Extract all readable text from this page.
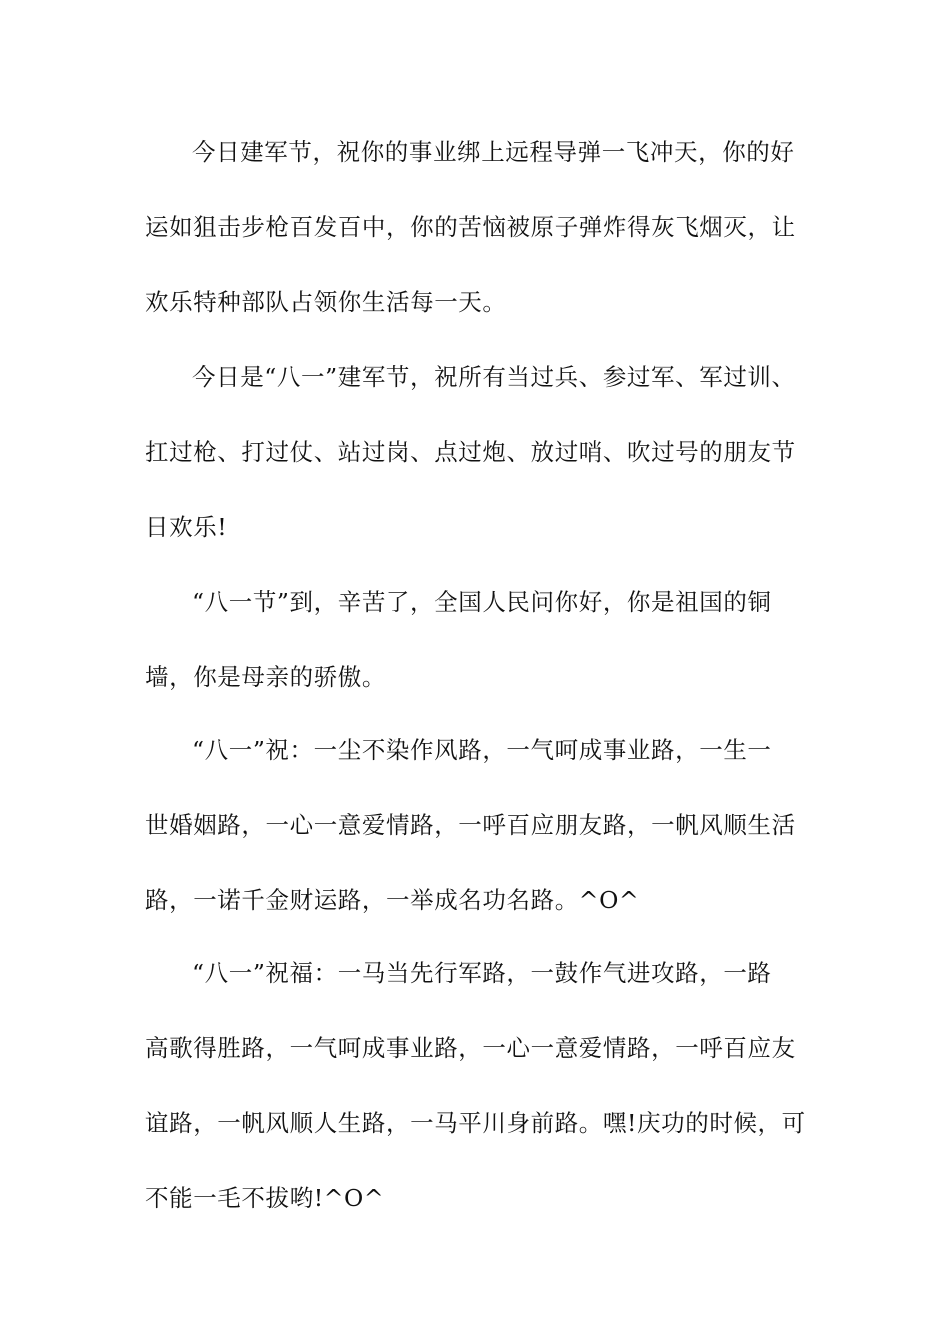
今日建军节，祝你的事业绑上远程导弹一飞冲天，你的好
运如狙击步枪百发百中，你的苦恼被原子弹炸得灰飞烟灭，让
欢乐特种部队占领你生活每一天。

今日是“八一”建军节，祝所有当过兵、参过军、军过训、
扛过枪、打过仗、站过岗、点过炮、放过哨、吹过号的朋友节
日欢乐!

“八一节”到，辛苦了，全国人民问你好，你是祖国的铜
墙，你是母亲的骄傲。

“八一”祝：一尘不染作风路，一气呵成事业路，一生一
世婚姻路，一心一意爱情路，一呼百应朋友路，一帆风顺生活
路，一诺千金财运路，一举成名功名路。^O^

“八一”祝福：一马当先行军路，一鼓作气进攻路，一路
高歌得胜路，一气呵成事业路，一心一意爱情路，一呼百应友
谊路，一帆风顺人生路，一马平川身前路。嘿!庆功的时候，可
不能一毛不拔哟!^O^
